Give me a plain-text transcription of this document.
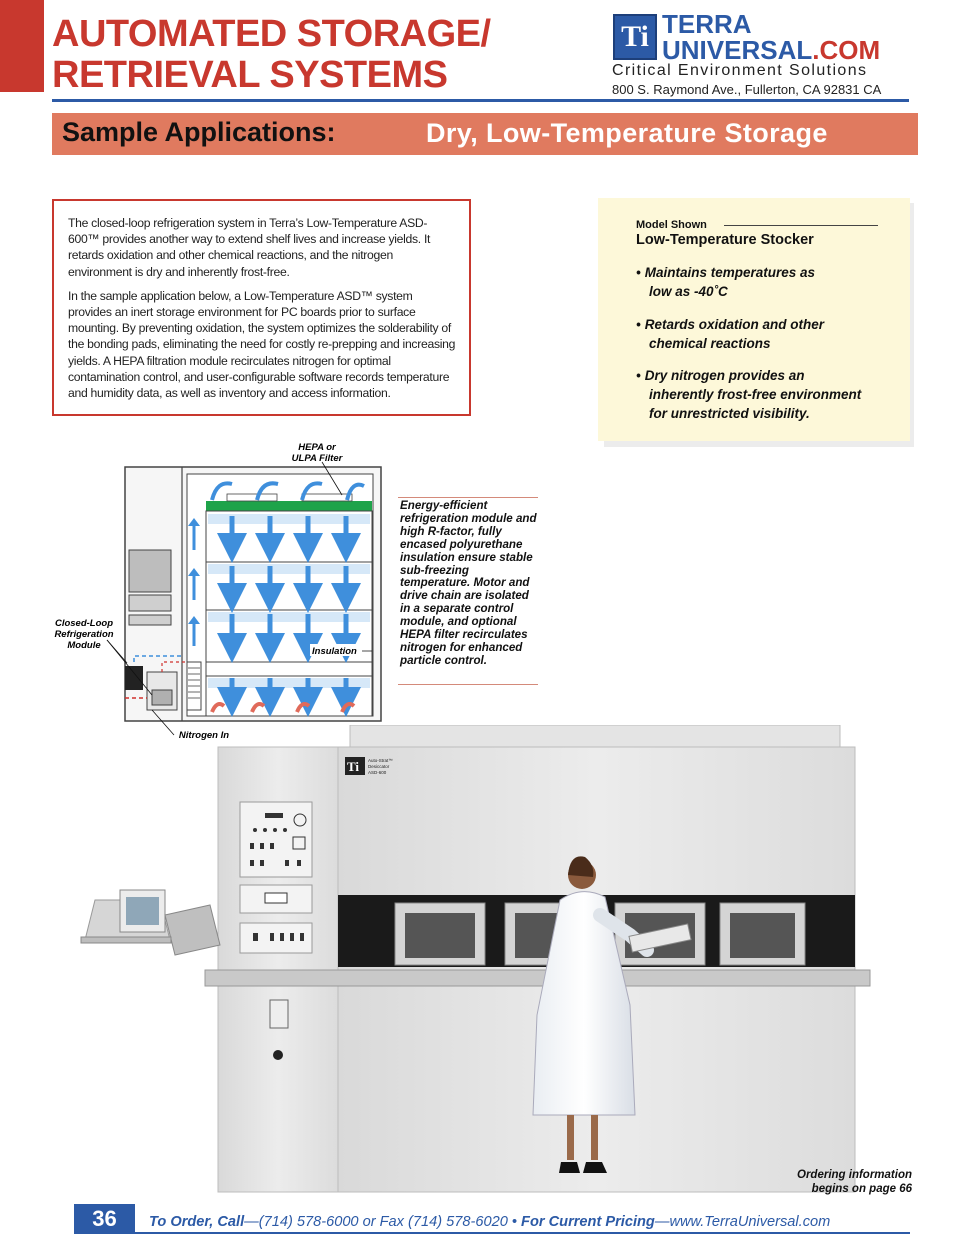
AUTOMATED STORAGE/
RETRIEVAL SYSTEMS
Ti TERRA
UNIVERSAL.COM
Critical Environment Solutions
800 S. Raymond Ave., Fullerton, CA 92831 CA
Sample Applications:	Dry, Low-Temperature Storage

The closed-loop refrigeration system in Terra’s Low-Temperature ASD-600™ provides another way to extend shelf lives and increase yields. It retards oxidation and other chemical reactions, and the nitrogen environment is dry and inherently frost-free.

In the sample application below, a Low-Temperature ASD™ system provides an inert storage environment for PC boards prior to surface mounting. By preventing oxidation, the system optimizes the solderability of the bonding pads, eliminating the need for costly re-prepping and increasing yields. A HEPA filtration module recirculates nitrogen for optimal contamination control, and user-configurable software records temperature and humidity data, as well as inventory and access information.

Model Shown
Low-Temperature Stocker
• Maintains temperatures as
low as -40˚C
• Retards oxidation and other
chemical reactions
• Dry nitrogen provides an
inherently frost-free environment
for unrestricted visibility.
HEPA or
ULPA Filter
Closed-Loop
Refrigeration
Module
Insulation
Nitrogen In
Energy-efficient refrigeration module and high R-factor, fully encased polyurethane insulation ensure stable sub-freezing temperature. Motor and drive chain are isolated in a separate control module, and optional HEPA filter recirculates nitrogen for enhanced particle control.
Ti Auto-Strat™
Desiccator
ASD-600
Ordering information
begins on page 66
36	To Order, Call—(714) 578-6000 or Fax (714) 578-6020 • For Current Pricing—www.TerraUniversal.com
